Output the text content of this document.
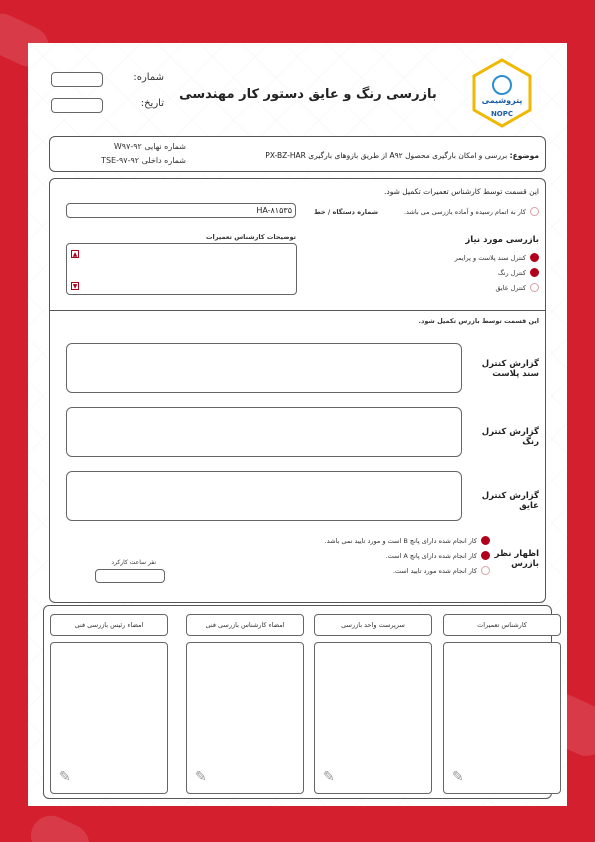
پتروشیمی
NOPC
بازرسی رنگ و عایق دستور کار مهندسی
شماره:
تاریخ:
موضوع: بررسی و امکان بارگیری محصول A۹۲ از طریق بازوهای بارگیری PX-BZ-HAR
شماره نهایی W۹۷-۹۲
شماره داخلی TSE-۹۷-۹۲
این قسمت توسط کارشناس تعمیرات تکمیل شود.
کار به اتمام رسیده و آماده بازرسی می باشد.
شماره دستگاه / خط
HA-۸۱۵۳۵
توضیحات کارشناس تعمیرات
▲
▼
بازرسی مورد نیاز
کنترل سند پلاست و پرایمر
کنترل رنگ
کنترل عایق
این قسمت توسط بازرس تکمیل شود.
گزارش کنترل سند پلاست
گزارش کنترل رنگ
گزارش کنترل عایق
کار انجام شده دارای پانچ B است و مورد تایید نمی باشد.
کار انجام شده دارای پانچ A است.
کار انجام شده مورد تایید است.
اظهار نظر بازرس
نفر ساعت کارکرد
کارشناس تعمیرات
سرپرست واحد بازرسی
امضاء کارشناس بازرسی فنی
امضاء رئیس بازرسی فنی
✎
✎
✎
✎
